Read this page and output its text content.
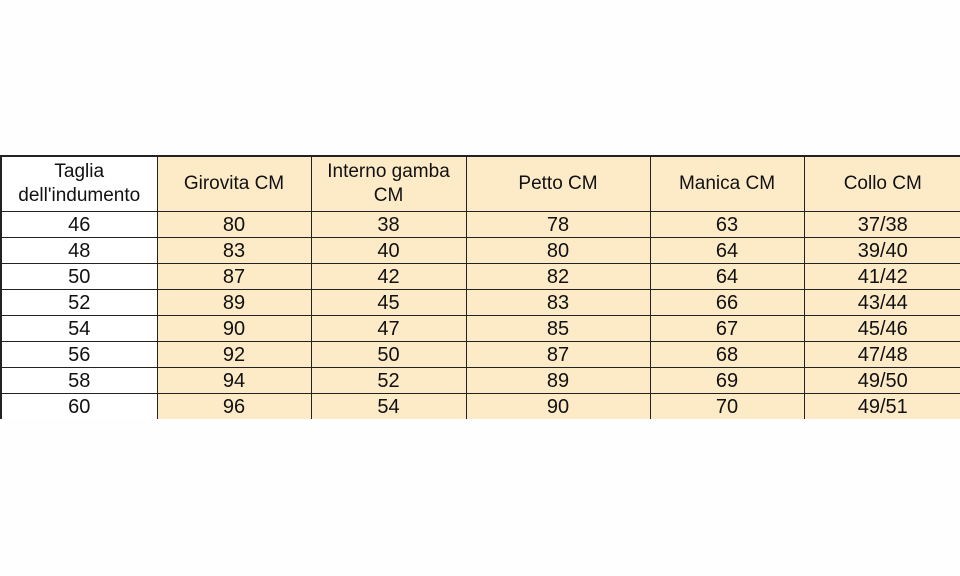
Taglia dell'indumento	Girovita CM	Interno gamba CM	Petto CM	Manica CM	Collo CM
46	80	38	78	63	37/38
48	83	40	80	64	39/40
50	87	42	82	64	41/42
52	89	45	83	66	43/44
54	90	47	85	67	45/46
56	92	50	87	68	47/48
58	94	52	89	69	49/50
60	96	54	90	70	49/51
